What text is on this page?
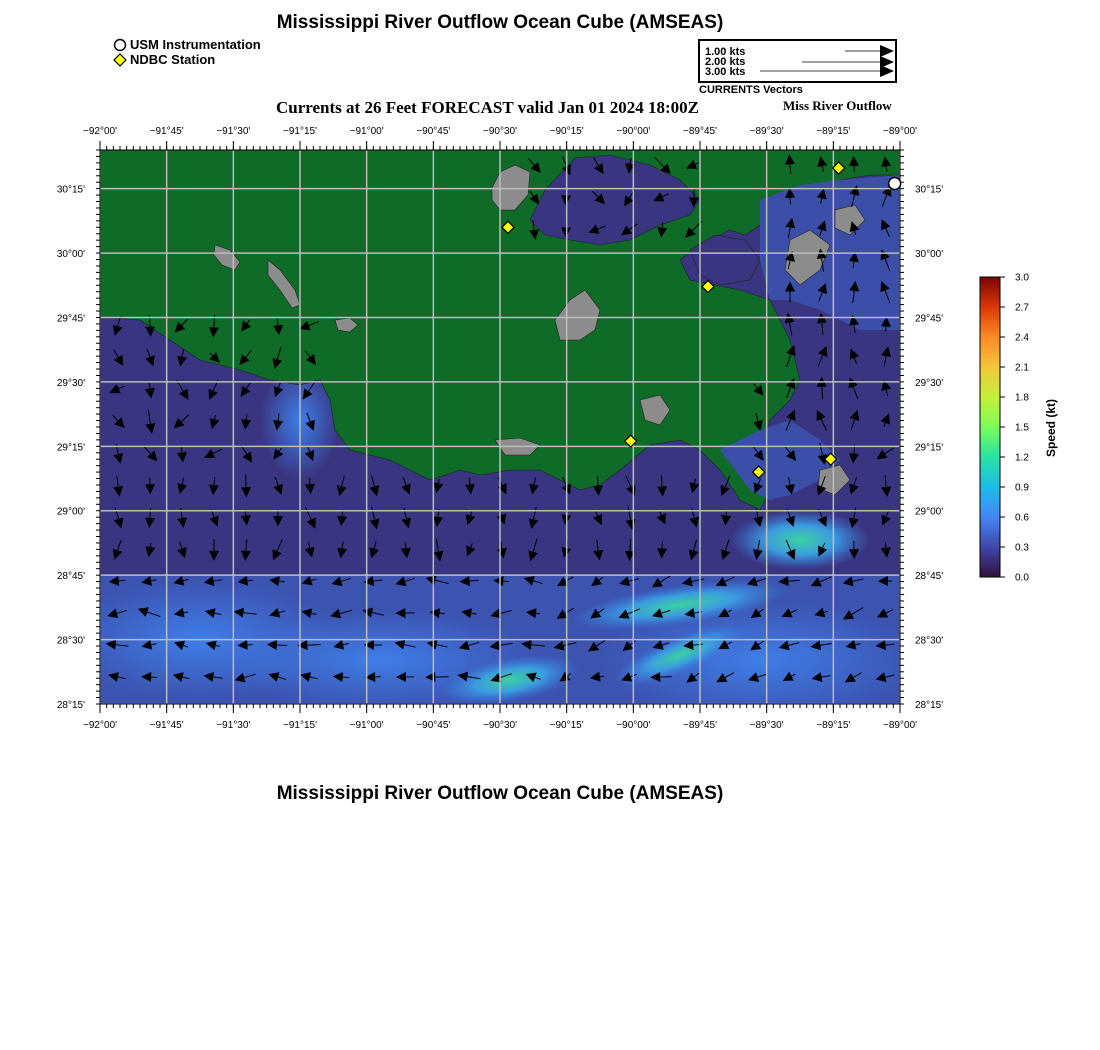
Mississippi River Outflow Ocean Cube (AMSEAS)
USM Instrumentation
NDBC Station	1.00 kts
2.00 kts
3.00 kts
CURRENTS Vectors
Currents at 26 Feet FORECAST valid Jan 01 2024 18:00Z	Miss River Outflow
−92°00'	−91°45'	−91°30'	−91°15'	−91°00'	−90°45'	−90°30'	−90°15'	−90°00'	−89°45'	−89°30'	−89°15'	−89°00'
−92°00'	−91°45'	−91°30'	−91°15'	−91°00'	−90°45'	−90°30'	−90°15'	−90°00'	−89°45'	−89°30'	−89°15'	−89°00'
30°15'
30°00'
29°45'
29°30'
29°15'
29°00'
28°45'
28°30'
28°15'
30°15'
30°00'
29°45'
29°30'
29°15'
29°00'
28°45'
28°30'
28°15'
3.0
2.7
2.4
2.1
1.8
1.5
1.2
0.9
0.6
0.3
0.0
Speed (kt)
Mississippi River Outflow Ocean Cube (AMSEAS)
